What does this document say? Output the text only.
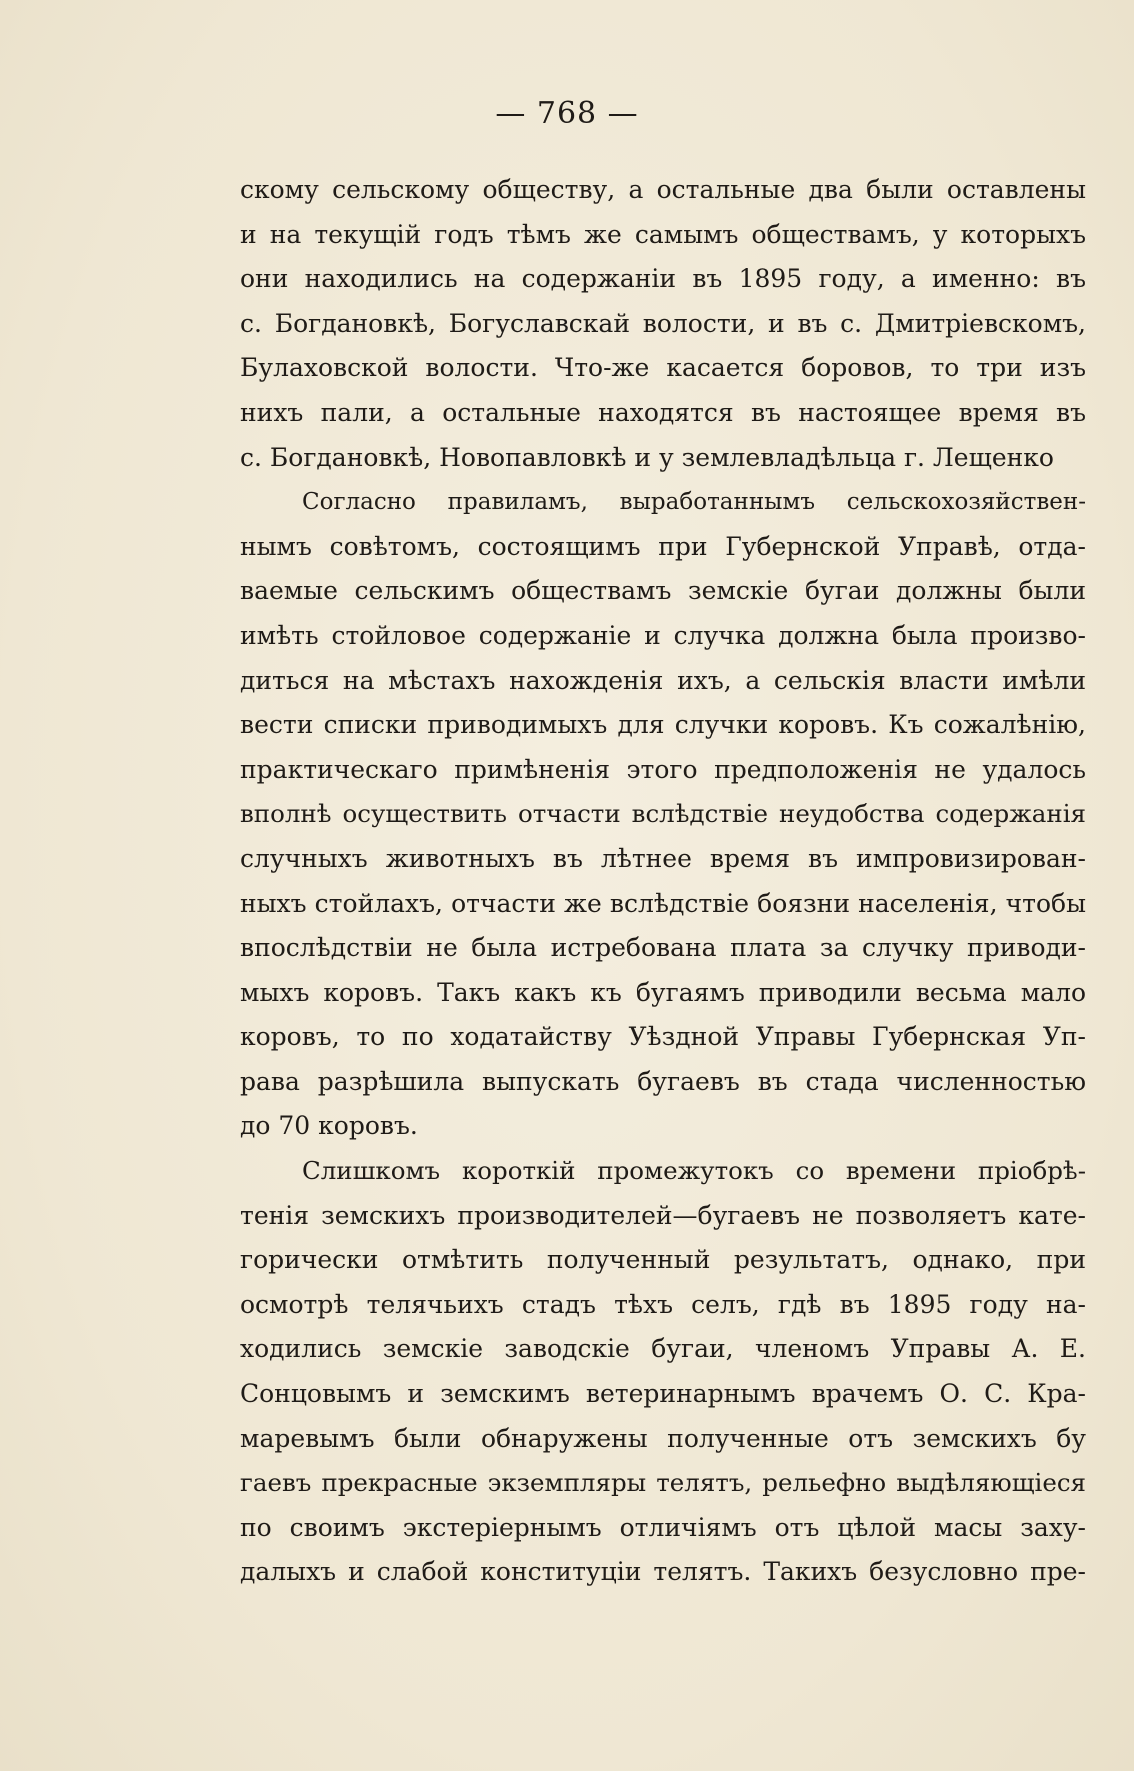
— 768 —
скому сельскому обществу, а остальные два были оставлены
и на текущій годъ тѣмъ же самымъ обществамъ, у которыхъ
они находились на содержаніи въ 1895 году, а именно: въ
с. Богдановкѣ, Богуславскай волости, и въ с. Дмитріевскомъ,
Булаховской волости. Что-же касается боровов, то три изъ
нихъ пали, а остальные находятся въ настоящее время въ
с. Богдановкѣ, Новопавловкѣ и у землевладѣльца г. Лещенко
Согласно правиламъ, выработаннымъ сельскохозяйствен-
нымъ совѣтомъ, состоящимъ при Губернской Управѣ, отда-
ваемые сельскимъ обществамъ земскіе бугаи должны были
имѣть стойловое содержаніе и случка должна была произво-
диться на мѣстахъ нахожденія ихъ, а сельскія власти имѣли
вести списки приводимыхъ для случки коровъ. Къ сожалѣнію,
практическаго примѣненія этого предположенія не удалось
вполнѣ осуществить отчасти вслѣдствіе неудобства содержанія
случныхъ животныхъ въ лѣтнее время въ импровизирован-
ныхъ стойлахъ, отчасти же вслѣдствіе боязни населенія, чтобы
впослѣдствіи не была истребована плата за случку приводи-
мыхъ коровъ. Такъ какъ къ бугаямъ приводили весьма мало
коровъ, то по ходатайству Уѣздной Управы Губернская Уп-
рава разрѣшила выпускать бугаевъ въ стада численностью
до 70 коровъ.
Слишкомъ короткій промежутокъ со времени пріобрѣ-
тенія земскихъ производителей—бугаевъ не позволяетъ кате-
горически отмѣтить полученный результатъ, однако, при
осмотрѣ телячьихъ стадъ тѣхъ селъ, гдѣ въ 1895 году на-
ходились земскіе заводскіе бугаи, членомъ Управы А. Е.
Сонцовымъ и земскимъ ветеринарнымъ врачемъ О. С. Кра-
маревымъ были обнаружены полученные отъ земскихъ бу
гаевъ прекрасные экземпляры телятъ, рельефно выдѣляющіеся
по своимъ экстеріернымъ отличіямъ отъ цѣлой масы заху-
далыхъ и слабой конституціи телятъ. Такихъ безусловно пре-
